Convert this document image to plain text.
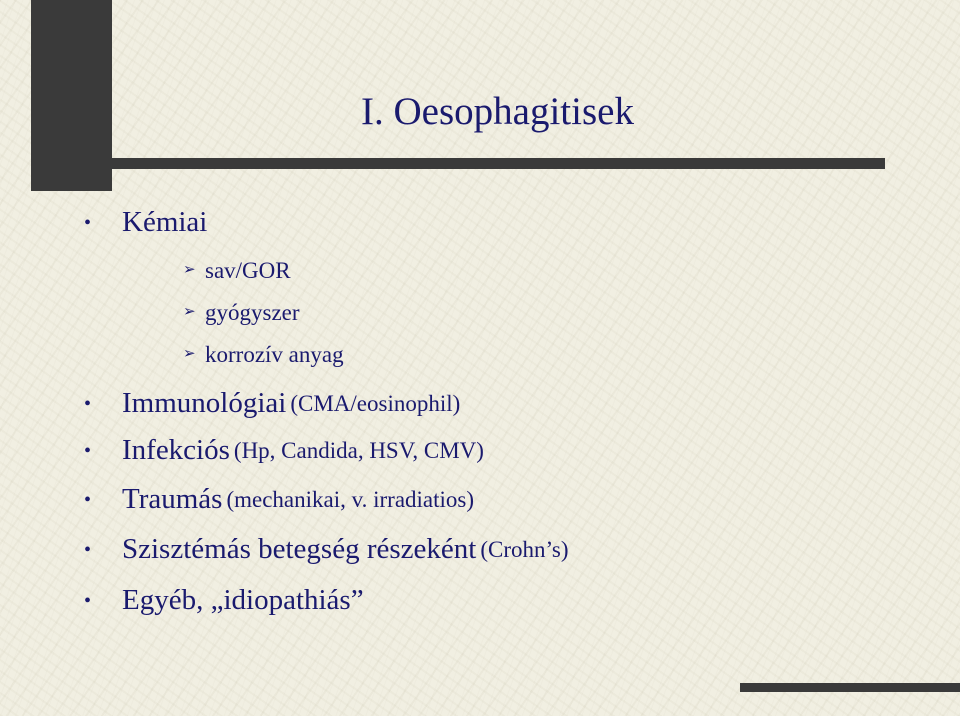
I. Oesophagitisek
• Kémiai
➢ sav/GOR
➢ gyógyszer
➢ korrozív anyag
• Immunológiai (CMA/eosinophil)
• Infekciós (Hp, Candida, HSV, CMV)
• Traumás (mechanikai, v. irradiatios)
• Szisztémás betegség részeként (Crohn’s)
• Egyéb, „idiopathiás”
